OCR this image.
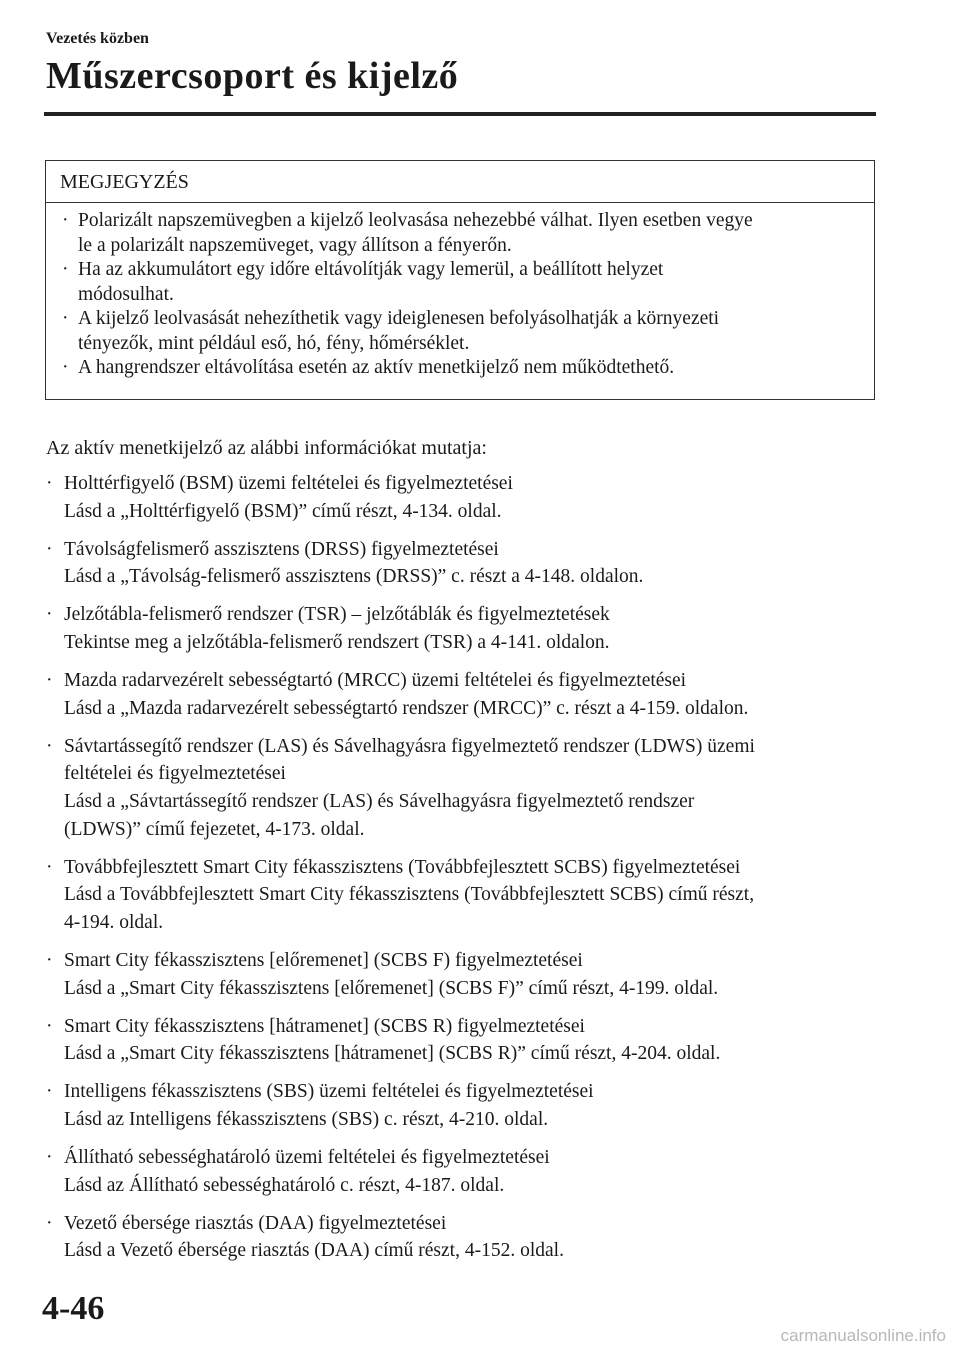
Vezetés közben
Műszercsoport és kijelző
MEGJEGYZÉS
· Polarizált napszemüvegben a kijelző leolvasása nehezebbé válhat. Ilyen esetben vegye
le a polarizált napszemüveget, vagy állítson a fényerőn.
· Ha az akkumulátort egy időre eltávolítják vagy lemerül, a beállított helyzet
módosulhat.
· A kijelző leolvasását nehezíthetik vagy ideiglenesen befolyásolhatják a környezeti
tényezők, mint például eső, hó, fény, hőmérséklet.
· A hangrendszer eltávolítása esetén az aktív menetkijelző nem működtethető.
Az aktív menetkijelző az alábbi információkat mutatja:
· Holttérfigyelő (BSM) üzemi feltételei és figyelmeztetései
Lásd a „Holttérfigyelő (BSM)” című részt, 4-134. oldal.
· Távolságfelismerő asszisztens (DRSS) figyelmeztetései
Lásd a „Távolság-felismerő asszisztens (DRSS)” c. részt a 4-148. oldalon.
· Jelzőtábla-felismerő rendszer (TSR) – jelzőtáblák és figyelmeztetések
Tekintse meg a jelzőtábla-felismerő rendszert (TSR) a 4-141. oldalon.
· Mazda radarvezérelt sebességtartó (MRCC) üzemi feltételei és figyelmeztetései
Lásd a „Mazda radarvezérelt sebességtartó rendszer (MRCC)” c. részt a 4-159. oldalon.
· Sávtartássegítő rendszer (LAS) és Sávelhagyásra figyelmeztető rendszer (LDWS) üzemi
feltételei és figyelmeztetései
Lásd a „Sávtartássegítő rendszer (LAS) és Sávelhagyásra figyelmeztető rendszer
(LDWS)” című fejezetet, 4-173. oldal.
· Továbbfejlesztett Smart City fékasszisztens (Továbbfejlesztett SCBS) figyelmeztetései
Lásd a Továbbfejlesztett Smart City fékasszisztens (Továbbfejlesztett SCBS) című részt,
4-194. oldal.
· Smart City fékasszisztens [előremenet] (SCBS F) figyelmeztetései
Lásd a „Smart City fékasszisztens [előremenet] (SCBS F)” című részt, 4-199. oldal.
· Smart City fékasszisztens [hátramenet] (SCBS R) figyelmeztetései
Lásd a „Smart City fékasszisztens [hátramenet] (SCBS R)” című részt, 4-204. oldal.
· Intelligens fékasszisztens (SBS) üzemi feltételei és figyelmeztetései
Lásd az Intelligens fékasszisztens (SBS) c. részt, 4-210. oldal.
· Állítható sebességhatároló üzemi feltételei és figyelmeztetései
Lásd az Állítható sebességhatároló c. részt, 4-187. oldal.
· Vezető ébersége riasztás (DAA) figyelmeztetései
Lásd a Vezető ébersége riasztás (DAA) című részt, 4-152. oldal.
4-46
carmanualsonline.info
